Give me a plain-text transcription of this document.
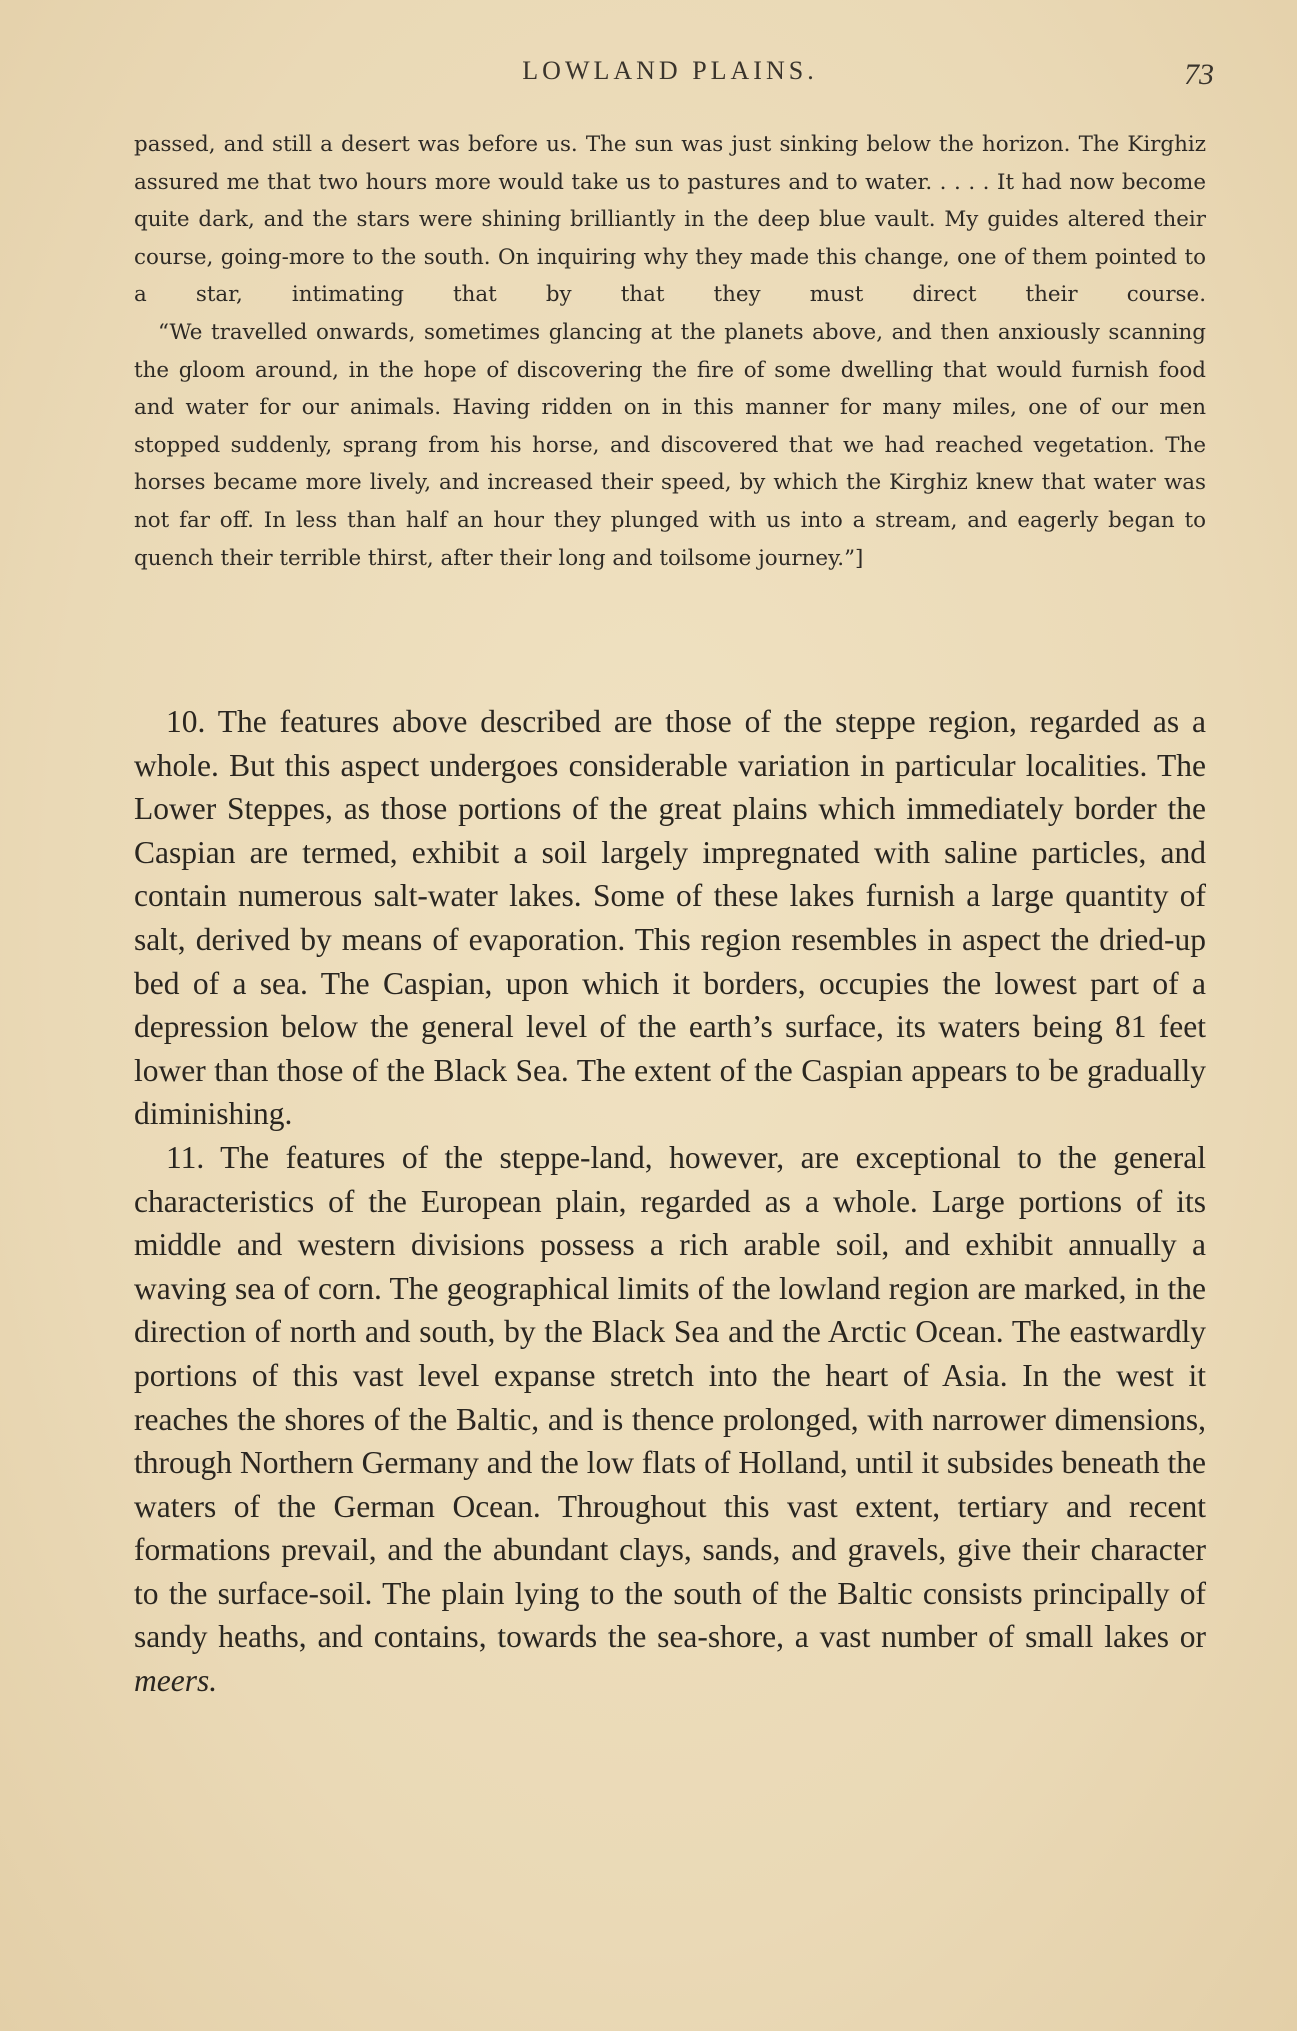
LOWLAND PLAINS.	73

passed, and still a desert was before us. The sun was just sinking below the horizon. The Kirghiz assured me that two hours more would take us to pastures and to water. . . . . It had now become quite dark, and the stars were shining brilliantly in the deep blue vault. My guides altered their course, going-more to the south. On inquiring why they made this change, one of them pointed to a star, intimating that by that they must direct their course.

“We travelled onwards, sometimes glancing at the planets above, and then anxiously scanning the gloom around, in the hope of discovering the fire of some dwelling that would furnish food and water for our animals. Having ridden on in this manner for many miles, one of our men stopped suddenly, sprang from his horse, and discovered that we had reached vegetation. The horses became more lively, and increased their speed, by which the Kirghiz knew that water was not far off. In less than half an hour they plunged with us into a stream, and eagerly began to quench their terrible thirst, after their long and toilsome journey.”]

10. The features above described are those of the steppe region, regarded as a whole. But this aspect undergoes considerable variation in particular localities. The Lower Steppes, as those portions of the great plains which immediately border the Caspian are termed, exhibit a soil largely impregnated with saline particles, and contain numerous salt-water lakes. Some of these lakes furnish a large quantity of salt, derived by means of evaporation. This region resembles in aspect the dried-up bed of a sea. The Caspian, upon which it borders, occupies the lowest part of a depression below the general level of the earth’s surface, its waters being 81 feet lower than those of the Black Sea. The extent of the Caspian appears to be gradually diminishing.

11. The features of the steppe-land, however, are exceptional to the general characteristics of the European plain, regarded as a whole. Large portions of its middle and western divisions possess a rich arable soil, and exhibit annually a waving sea of corn. The geographical limits of the lowland region are marked, in the direction of north and south, by the Black Sea and the Arctic Ocean. The eastwardly portions of this vast level expanse stretch into the heart of Asia. In the west it reaches the shores of the Baltic, and is thence prolonged, with narrower dimensions, through Northern Germany and the low flats of Holland, until it subsides beneath the waters of the German Ocean. Throughout this vast extent, tertiary and recent formations prevail, and the abundant clays, sands, and gravels, give their character to the surface-soil. The plain lying to the south of the Baltic consists principally of sandy heaths, and contains, towards the sea-shore, a vast number of small lakes or meers.
